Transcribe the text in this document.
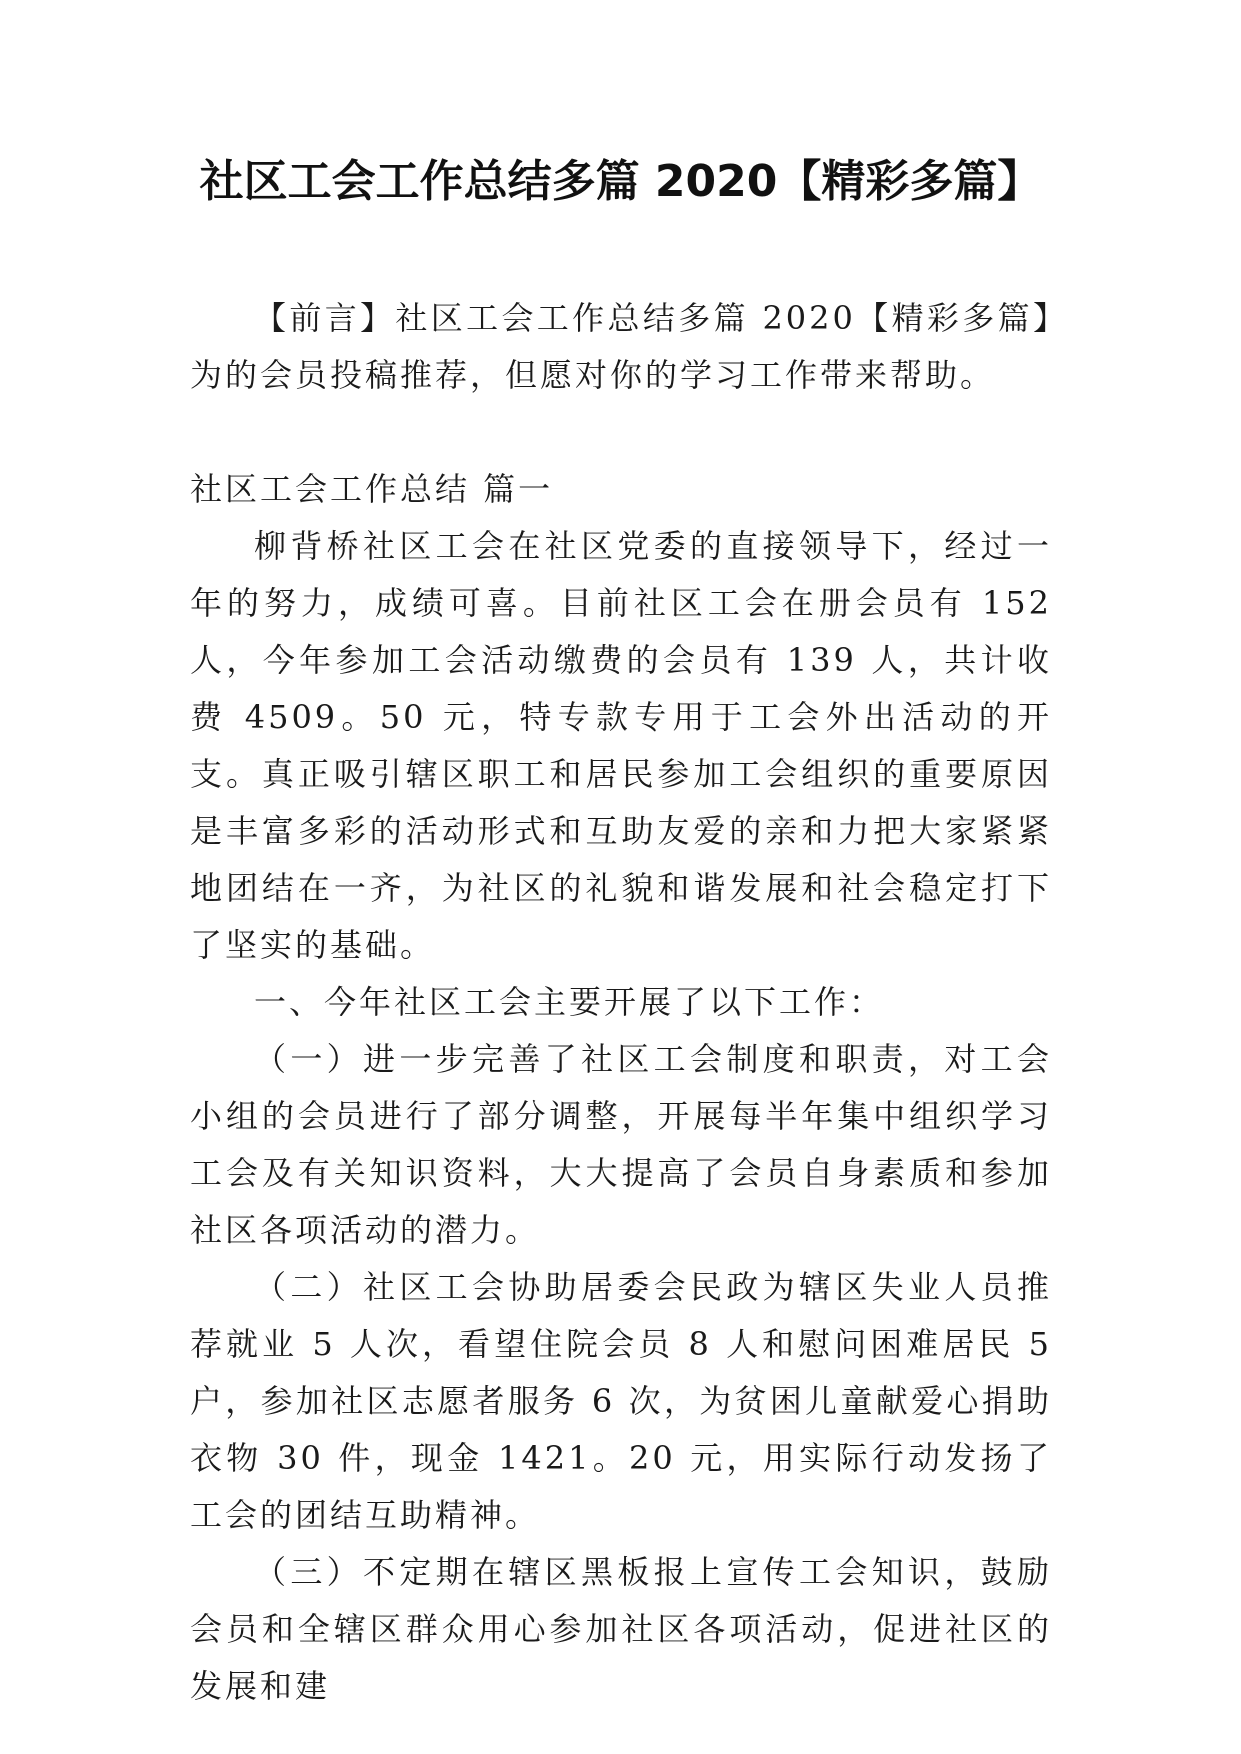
社区工会工作总结多篇 2020【精彩多篇】

【前言】社区工会工作总结多篇 2020【精彩多篇】为的会员投稿推荐，但愿对你的学习工作带来帮助。

社区工会工作总结 篇一

柳背桥社区工会在社区党委的直接领导下，经过一年的努力，成绩可喜。目前社区工会在册会员有 152 人，今年参加工会活动缴费的会员有 139 人，共计收费 4509。50 元，特专款专用于工会外出活动的开支。真正吸引辖区职工和居民参加工会组织的重要原因是丰富多彩的活动形式和互助友爱的亲和力把大家紧紧地团结在一齐，为社区的礼貌和谐发展和社会稳定打下了坚实的基础。

一、今年社区工会主要开展了以下工作：

（一）进一步完善了社区工会制度和职责，对工会小组的会员进行了部分调整，开展每半年集中组织学习工会及有关知识资料，大大提高了会员自身素质和参加社区各项活动的潜力。

（二）社区工会协助居委会民政为辖区失业人员推荐就业 5 人次，看望住院会员 8 人和慰问困难居民 5 户，参加社区志愿者服务 6 次，为贫困儿童献爱心捐助衣物 30 件，现金 1421。20 元，用实际行动发扬了工会的团结互助精神。

（三）不定期在辖区黑板报上宣传工会知识，鼓励会员和全辖区群众用心参加社区各项活动，促进社区的发展和建
